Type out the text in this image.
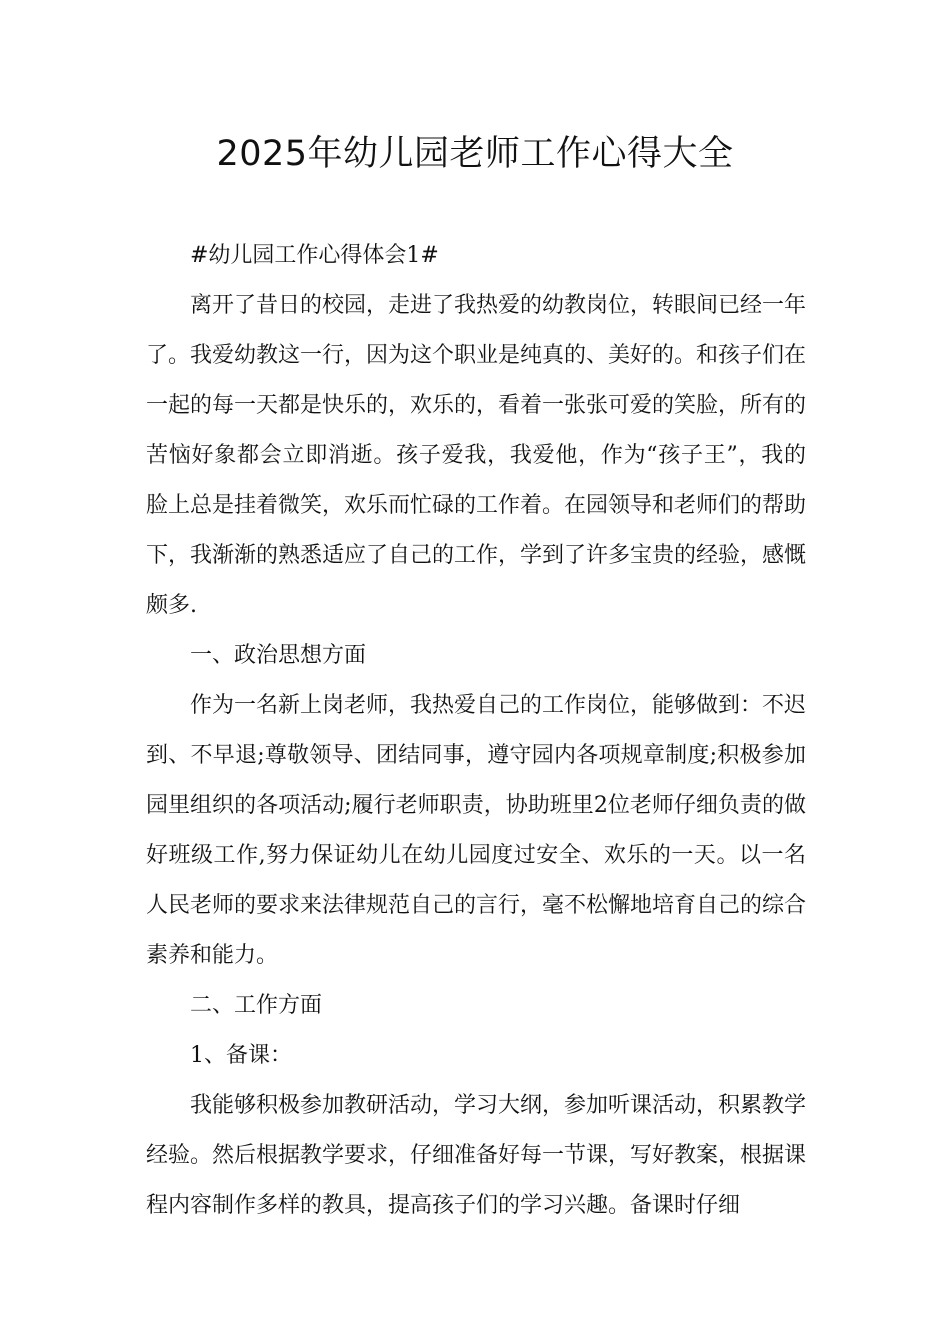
2025年幼儿园老师工作心得大全

#幼儿园工作心得体会1#

离开了昔日的校园，走进了我热爱的幼教岗位，转眼间已经一年了。我爱幼教这一行，因为这个职业是纯真的、美好的。和孩子们在一起的每一天都是快乐的，欢乐的，看着一张张可爱的笑脸，所有的苦恼好象都会立即消逝。孩子爱我，我爱他，作为“孩子王”，我的脸上总是挂着微笑，欢乐而忙碌的工作着。在园领导和老师们的帮助下，我渐渐的熟悉适应了自己的工作，学到了许多宝贵的经验，感慨颇多.

一、政治思想方面

作为一名新上岗老师，我热爱自己的工作岗位，能够做到：不迟到、不早退;尊敬领导、团结同事，遵守园内各项规章制度;积极参加园里组织的各项活动;履行老师职责，协助班里2位老师仔细负责的做好班级工作,努力保证幼儿在幼儿园度过安全、欢乐的一天。以一名人民老师的要求来法律规范自己的言行，毫不松懈地培育自己的综合素养和能力。

二、工作方面

1、备课：

我能够积极参加教研活动，学习大纲，参加听课活动，积累教学经验。然后根据教学要求，仔细准备好每一节课，写好教案，根据课程内容制作多样的教具，提高孩子们的学习兴趣。备课时仔细
